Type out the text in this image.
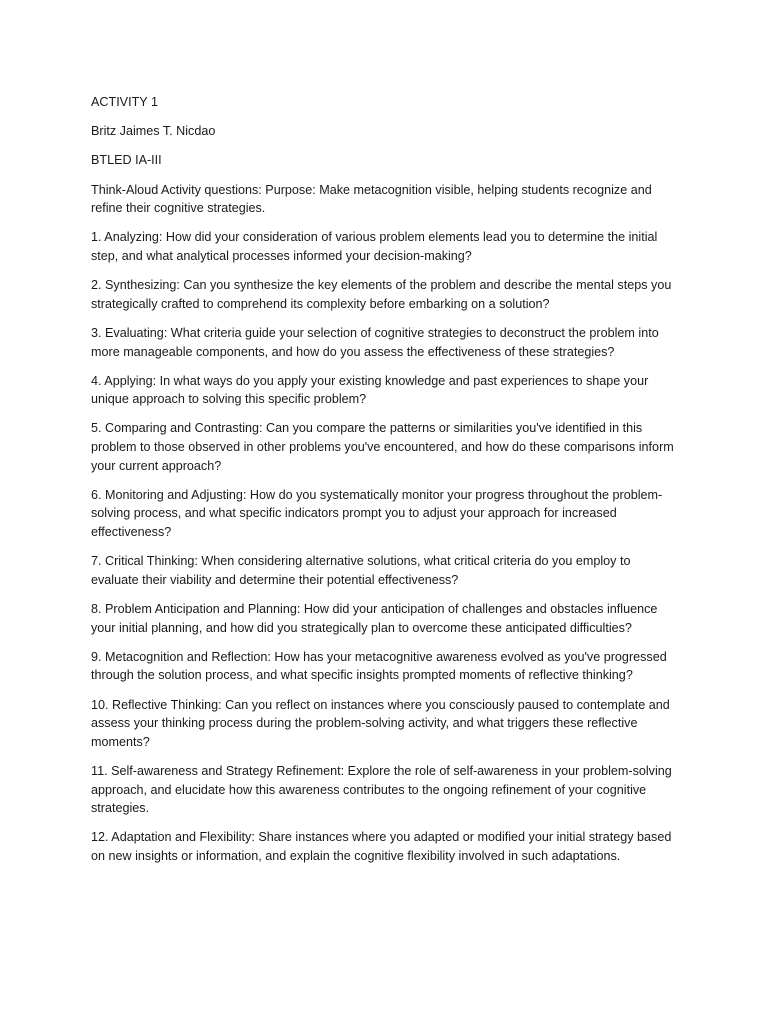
ACTIVITY 1

Britz Jaimes T. Nicdao

BTLED IA-III

Think-Aloud Activity questions: Purpose: Make metacognition visible, helping students recognize and refine their cognitive strategies.

1. Analyzing: How did your consideration of various problem elements lead you to determine the initial step, and what analytical processes informed your decision-making?

2. Synthesizing: Can you synthesize the key elements of the problem and describe the mental steps you strategically crafted to comprehend its complexity before embarking on a solution?

3. Evaluating: What criteria guide your selection of cognitive strategies to deconstruct the problem into more manageable components, and how do you assess the effectiveness of these strategies?

4. Applying: In what ways do you apply your existing knowledge and past experiences to shape your unique approach to solving this specific problem?

5. Comparing and Contrasting: Can you compare the patterns or similarities you've identified in this problem to those observed in other problems you've encountered, and how do these comparisons inform your current approach?

6. Monitoring and Adjusting: How do you systematically monitor your progress throughout the problem-solving process, and what specific indicators prompt you to adjust your approach for increased effectiveness?

7. Critical Thinking: When considering alternative solutions, what critical criteria do you employ to evaluate their viability and determine their potential effectiveness?

8. Problem Anticipation and Planning: How did your anticipation of challenges and obstacles influence your initial planning, and how did you strategically plan to overcome these anticipated difficulties?

9. Metacognition and Reflection: How has your metacognitive awareness evolved as you've progressed through the solution process, and what specific insights prompted moments of reflective thinking?

10. Reflective Thinking: Can you reflect on instances where you consciously paused to contemplate and assess your thinking process during the problem-solving activity, and what triggers these reflective moments?

11. Self-awareness and Strategy Refinement: Explore the role of self-awareness in your problem-solving approach, and elucidate how this awareness contributes to the ongoing refinement of your cognitive strategies.

12. Adaptation and Flexibility: Share instances where you adapted or modified your initial strategy based on new insights or information, and explain the cognitive flexibility involved in such adaptations.
